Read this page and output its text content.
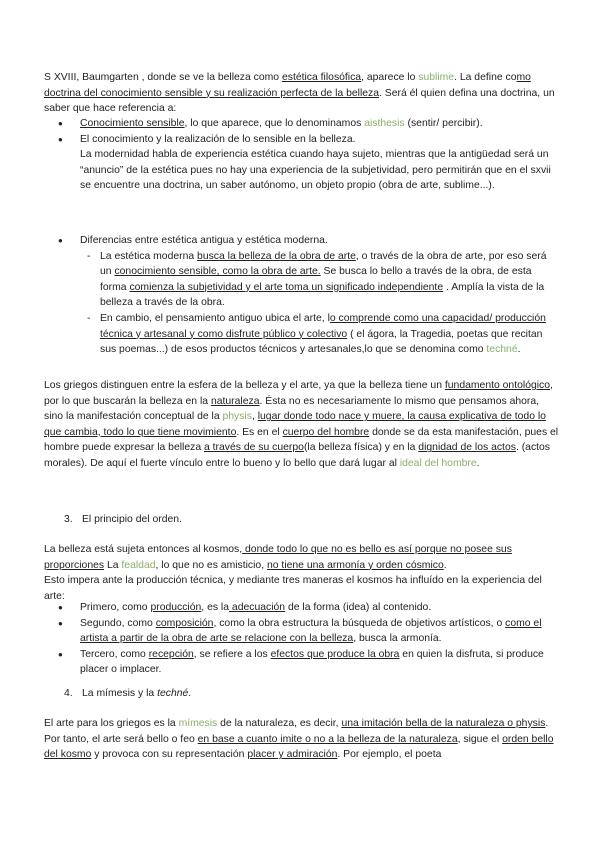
S XVIII, Baumgarten , donde se ve la belleza como estética filosófica, aparece lo sublime. La define como doctrina del conocimiento sensible y su realización perfecta de la belleza. Será él quien defina una doctrina, un saber que hace referencia a:

● Conocimiento sensible, lo que aparece, que lo denominamos aisthesis (sentir/ percibir).
● El conocimiento y la realización de lo sensible en la belleza.
La modernidad habla de experiencia estética cuando haya sujeto, mientras que la antigüedad será un “anuncio” de la estética pues no hay una experiencia de la subjetividad, pero permitirán que en el sxvii se encuentre una doctrina, un saber autónomo, un objeto propio (obra de arte, sublime...).
● Diferencias entre estética antigua y estética moderna.
- La estética moderna busca la belleza de la obra de arte, o través de la obra de arte, por eso será un conocimiento sensible, como la obra de arte. Se busca lo bello a través de la obra, de esta forma comienza la subjetividad y el arte toma un significado independiente . Amplía la vista de la belleza a través de la obra.
- En cambio, el pensamiento antiguo ubica el arte, lo comprende como una capacidad/ producción técnica y artesanal y como disfrute público y colectivo ( el ágora, la Tragedia, poetas que recitan sus poemas...) de esos productos técnicos y artesanales,lo que se denomina como techné.

Los griegos distinguen entre la esfera de la belleza y el arte, ya que la belleza tiene un fundamento ontológico, por lo que buscarán la belleza en la naturaleza. Ésta no es necesariamente lo mismo que pensamos ahora, sino la manifestación conceptual de la physis, lugar donde todo nace y muere, la causa explicativa de todo lo que cambia, todo lo que tiene movimiento. Es en el cuerpo del hombre donde se da esta manifestación, pues el hombre puede expresar la belleza a través de su cuerpo(la belleza física) y en la dignidad de los actos. (actos morales). De aquí el fuerte vínculo entre lo bueno y lo bello que dará lugar al ideal del hombre.

3. El principio del orden.

La belleza está sujeta entonces al kosmos, donde todo lo que no es bello es así porque no posee sus proporciones La fealdad, lo que no es amisticio, no tiene una armonía y orden cósmico.
Esto impera ante la producción técnica, y mediante tres maneras el kosmos ha influído en la experiencia del arte:

● Primero, como producción, es la adecuación de la forma (idea) al contenido.
● Segundo, como composición, como la obra estructura la búsqueda de objetivos artísticos, o como el artista a partir de la obra de arte se relacione con la belleza, busca la armonía.
● Tercero, como recepción, se refiere a los efectos que produce la obra en quien la disfruta, si produce placer o implacer.

4. La mímesis y la techné.

El arte para los griegos es la mímesis de la naturaleza, es decir, una imitación bella de la naturaleza o physis. Por tanto, el arte será bello o feo en base a cuanto imite o no a la belleza de la naturaleza, sigue el orden bello del kosmo y provoca con su representación placer y admiración. Por ejemplo, el poeta
